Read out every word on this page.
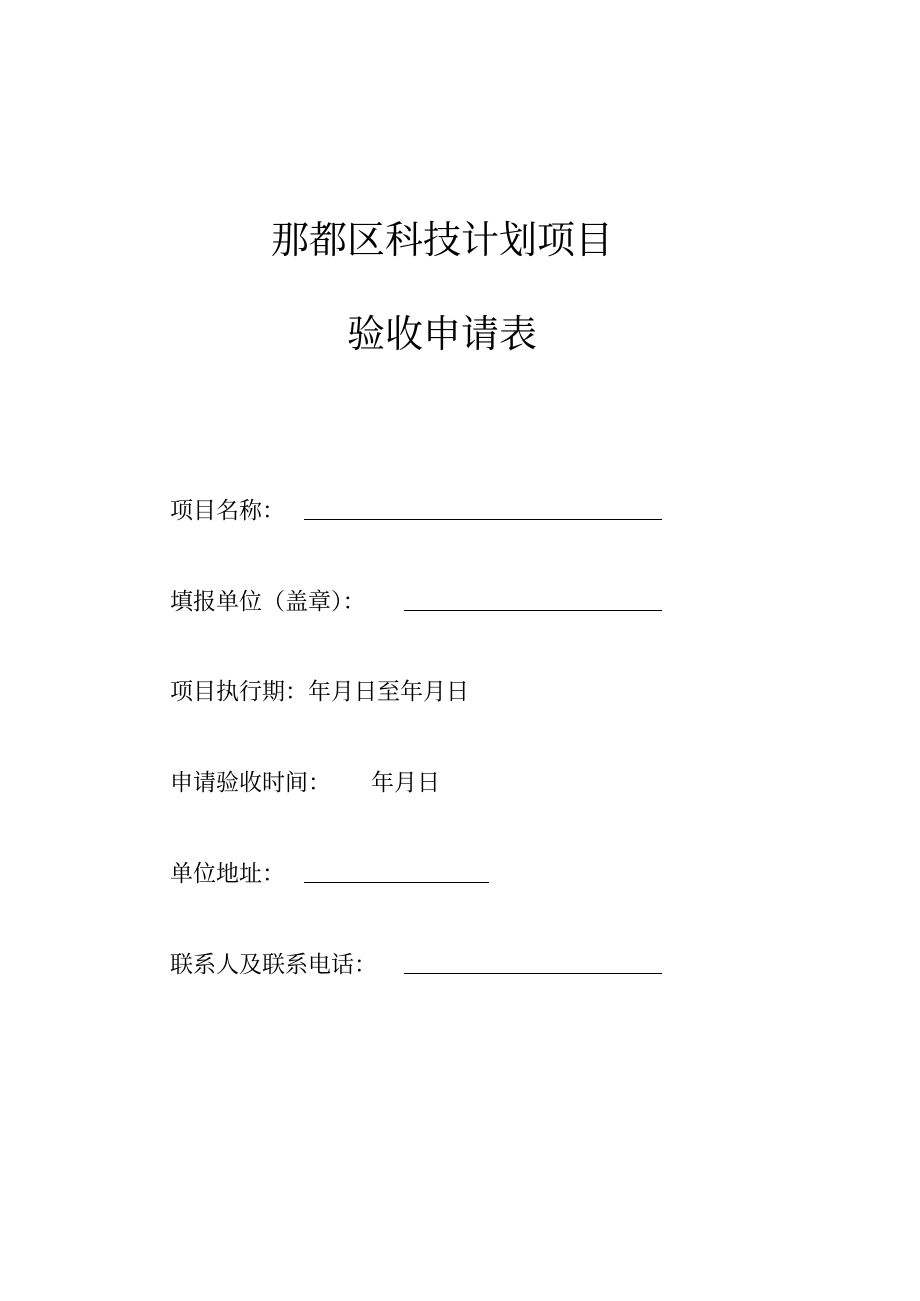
那都区科技计划项目
验收申请表
项目名称：
填报单位（盖章）：
项目执行期：年月日至年月日
申请验收时间： 年月日
单位地址：
联系人及联系电话：
